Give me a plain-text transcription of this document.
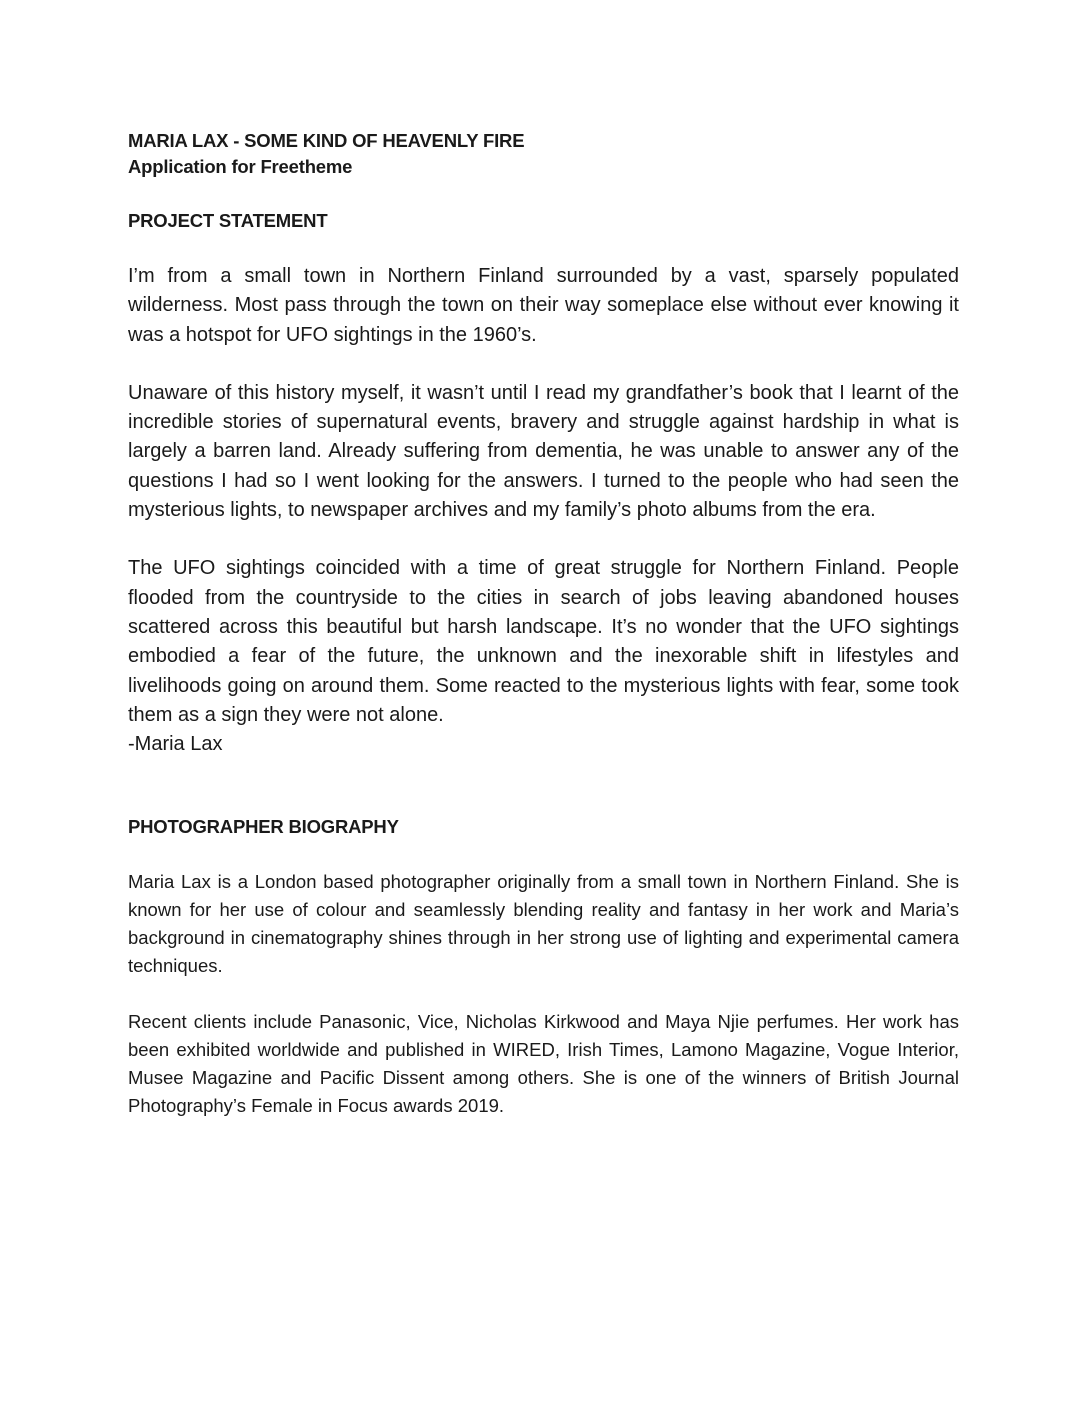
MARIA LAX - SOME KIND OF HEAVENLY FIRE
Application for Freetheme
PROJECT STATEMENT

I’m from a small town in Northern Finland surrounded by a vast, sparsely populated wilderness. Most pass through the town on their way someplace else without ever knowing it was a hotspot for UFO sightings in the 1960’s.

Unaware of this history myself, it wasn’t until I read my grandfather’s book that I learnt of the incredible stories of supernatural events, bravery and struggle against hardship in what is largely a barren land. Already suffering from dementia, he was unable to answer any of the questions I had so I went looking for the answers. I turned to the people who had seen the mysterious lights, to newspaper archives and my family’s photo albums from the era.

The UFO sightings coincided with a time of great struggle for Northern Finland. People flooded from the countryside to the cities in search of jobs leaving abandoned houses scattered across this beautiful but harsh landscape. It’s no wonder that the UFO sightings embodied a fear of the future, the unknown and the inexorable shift in lifestyles and livelihoods going on around them. Some reacted to the mysterious lights with fear, some took them as a sign they were not alone.

-Maria Lax

PHOTOGRAPHER BIOGRAPHY

Maria Lax is a London based photographer originally from a small town in Northern Finland. She is known for her use of colour and seamlessly blending reality and fantasy in her work and Maria’s background in cinematography shines through in her strong use of lighting and experimental camera techniques.

Recent clients include Panasonic, Vice, Nicholas Kirkwood and Maya Njie perfumes. Her work has been exhibited worldwide and published in WIRED, Irish Times, Lamono Magazine, Vogue Interior, Musee Magazine and Pacific Dissent among others. She is one of the winners of British Journal Photography’s Female in Focus awards 2019.
